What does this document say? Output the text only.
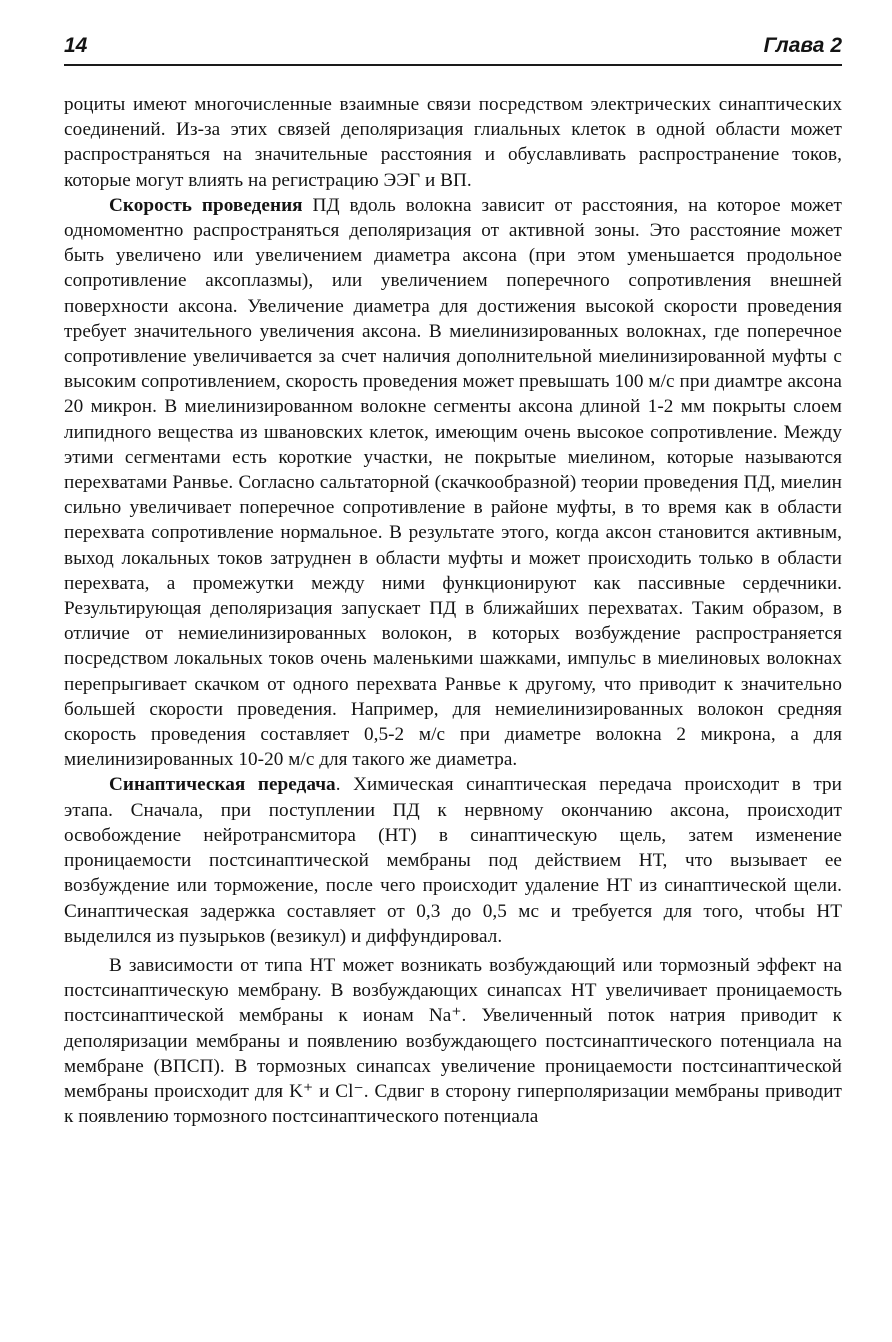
14	Глава 2

роциты имеют многочисленные взаимные связи посредством электрических синаптических соединений. Из-за этих связей деполяризация глиальных клеток в одной области может распространяться на значительные расстояния и обуславливать распространение токов, которые могут влиять на регистрацию ЭЭГ и ВП.

Скорость проведения ПД вдоль волокна зависит от расстояния, на которое может одномоментно распространяться деполяризация от активной зоны. Это расстояние может быть увеличено или увеличением диаметра аксона (при этом уменьшается продольное сопротивление аксоплазмы), или увеличением поперечного сопротивления внешней поверхности аксона. Увеличение диаметра для достижения высокой скорости проведения требует значительного увеличения аксона. В миелинизированных волокнах, где поперечное сопротивление увеличивается за счет наличия дополнительной миелинизированной муфты с высоким сопротивлением, скорость проведения может превышать 100 м/с при диамтре аксона 20 микрон. В миелинизированном волокне сегменты аксона длиной 1-2 мм покрыты слоем липидного вещества из шванoвских клеток, имеющим очень высокое сопротивление. Между этими сегментами есть короткие участки, не покрытые миелином, которые называются перехватами Ранвье. Согласно сальтаторной (скачкообразной) теории проведения ПД, миелин сильно увеличивает поперечное сопротивление в районе муфты, в то время как в области перехвата сопротивление нормальное. В результате этого, когда аксон становится активным, выход локальных токов затруднен в области муфты и может происходить только в области перехвата, а промежутки между ними функционируют как пассивные сердечники. Результирующая деполяризация запускает ПД в ближайших перехватах. Таким образом, в отличие от немиелинизированных волокон, в которых возбуждение распространяется посредством локальных токов очень маленькими шажками, импульс в миелиновых волокнах перепрыгивает скачком от одного перехвата Ранвье к другому, что приводит к значительно большей скорости проведения. Например, для немиелинизированных волокон средняя скорость проведения составляет 0,5-2 м/с при диаметре волокна 2 микрона, а для миелинизированных 10-20 м/с для такого же диаметра.

Синаптическая передача. Химическая синаптическая передача происходит в три этапа. Сначала, при поступлении ПД к нервному окончанию аксона, происходит освобождение нейротрансмитора (НТ) в синаптическую щель, затем изменение проницаемости постсинаптической мембраны под действием НТ, что вызывает ее возбуждение или торможение, после чего происходит удаление НТ из синаптической щели. Синаптическая задержка составляет от 0,3 до 0,5 мс и требуется для того, чтобы НТ выделился из пузырьков (везикул) и диффундировал.

В зависимости от типа НТ может возникать возбуждающий или тормозный эффект на постсинаптическую мембрану. В возбуждающих синапсах НТ увеличивает проницаемость постсинаптической мембраны к ионам Na⁺. Увеличенный поток натрия приводит к деполяризации мембраны и появлению возбуждающего постсинаптического потенциала на мембране (ВПСП). В тормозных синапсах увеличение проницаемости постсинаптической мембраны происходит для K⁺ и Cl⁻. Сдвиг в сторону гиперполяризации мембраны приводит к появлению тормозного постсинаптического потенциала
